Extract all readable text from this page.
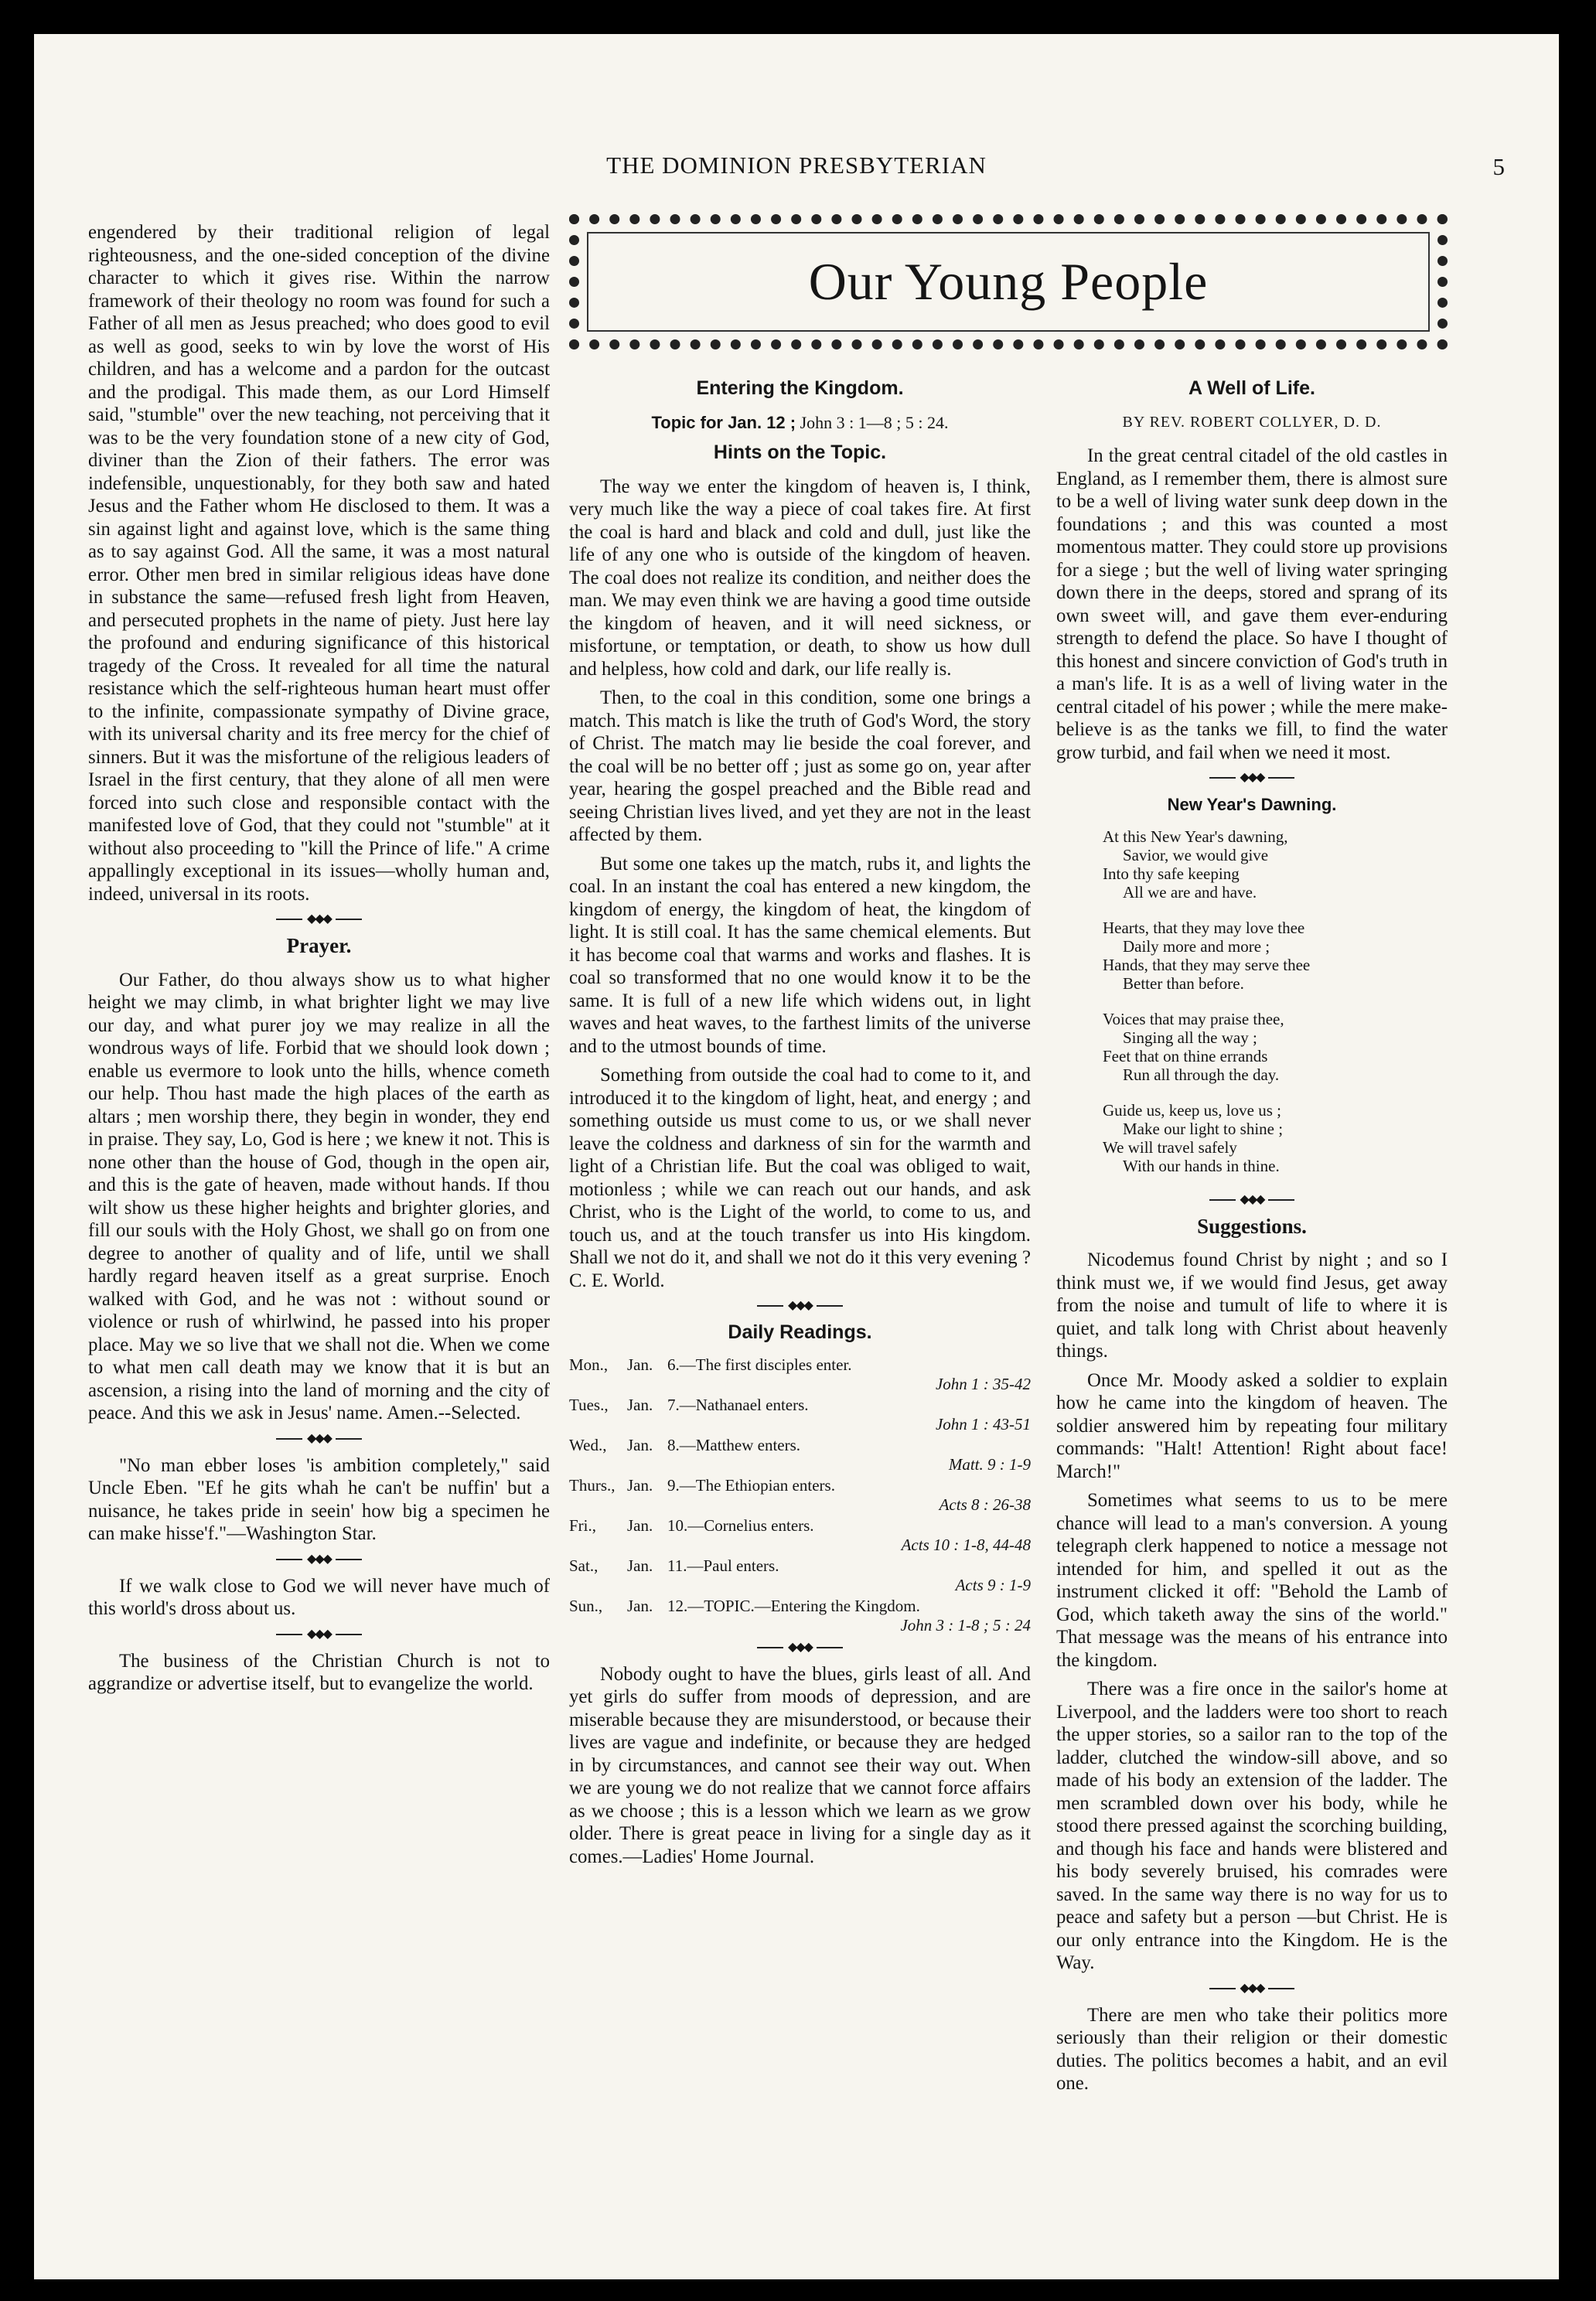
THE DOMINION PRESBYTERIAN	5
Our Young People

engendered by their traditional religion of legal righteousness, and the one-sided conception of the divine character to which it gives rise. Within the narrow framework of their theology no room was found for such a Father of all men as Jesus preached; who does good to evil as well as good, seeks to win by love the worst of His children, and has a welcome and a pardon for the outcast and the prodigal. This made them, as our Lord Himself said, "stumble" over the new teaching, not perceiving that it was to be the very foundation stone of a new city of God, diviner than the Zion of their fathers. The error was indefensible, unquestionably, for they both saw and hated Jesus and the Father whom He disclosed to them. It was a sin against light and against love, which is the same thing as to say against God. All the same, it was a most natural error. Other men bred in similar religious ideas have done in substance the same—refused fresh light from Heaven, and persecuted prophets in the name of piety. Just here lay the profound and enduring significance of this historical tragedy of the Cross. It revealed for all time the natural resistance which the self-righteous human heart must offer to the infinite, compassionate sympathy of Divine grace, with its universal charity and its free mercy for the chief of sinners. But it was the misfortune of the religious leaders of Israel in the first century, that they alone of all men were forced into such close and responsible contact with the manifested love of God, that they could not "stumble" at it without also proceeding to "kill the Prince of life." A crime appallingly exceptional in its issues—wholly human and, indeed, universal in its roots.

◆◆◆
Prayer.

Our Father, do thou always show us to what higher height we may climb, in what brighter light we may live our day, and what purer joy we may realize in all the wondrous ways of life. Forbid that we should look down ; enable us evermore to look unto the hills, whence cometh our help. Thou hast made the high places of the earth as altars ; men worship there, they begin in wonder, they end in praise. They say, Lo, God is here ; we knew it not. This is none other than the house of God, though in the open air, and this is the gate of heaven, made without hands. If thou wilt show us these higher heights and brighter glories, and fill our souls with the Holy Ghost, we shall go on from one degree to another of quality and of life, until we shall hardly regard heaven itself as a great surprise. Enoch walked with God, and he was not : without sound or violence or rush of whirlwind, he passed into his proper place. May we so live that we shall not die. When we come to what men call death may we know that it is but an ascension, a rising into the land of morning and the city of peace. And this we ask in Jesus' name. Amen.--Selected.

◆◆◆

"No man ebber loses 'is ambition completely," said Uncle Eben. "Ef he gits whah he can't be nuffin' but a nuisance, he takes pride in seein' how big a specimen he can make hisse'f."—Washington Star.

◆◆◆

If we walk close to God we will never have much of this world's dross about us.

◆◆◆

The business of the Christian Church is not to aggrandize or advertise itself, but to evangelize the world.

Entering the Kingdom.
Topic for Jan. 12 ; John 3 : 1—8 ; 5 : 24.
Hints on the Topic.

The way we enter the kingdom of heaven is, I think, very much like the way a piece of coal takes fire. At first the coal is hard and black and cold and dull, just like the life of any one who is outside of the kingdom of heaven. The coal does not realize its condition, and neither does the man. We may even think we are having a good time outside the kingdom of heaven, and it will need sickness, or misfortune, or temptation, or death, to show us how dull and helpless, how cold and dark, our life really is.

Then, to the coal in this condition, some one brings a match. This match is like the truth of God's Word, the story of Christ. The match may lie beside the coal forever, and the coal will be no better off ; just as some go on, year after year, hearing the gospel preached and the Bible read and seeing Christian lives lived, and yet they are not in the least affected by them.

But some one takes up the match, rubs it, and lights the coal. In an instant the coal has entered a new kingdom, the kingdom of energy, the kingdom of heat, the kingdom of light. It is still coal. It has the same chemical elements. But it has become coal that warms and works and flashes. It is coal so transformed that no one would know it to be the same. It is full of a new life which widens out, in light waves and heat waves, to the farthest limits of the universe and to the utmost bounds of time.

Something from outside the coal had to come to it, and introduced it to the kingdom of light, heat, and energy ; and something outside us must come to us, or we shall never leave the coldness and darkness of sin for the warmth and light of a Christian life. But the coal was obliged to wait, motionless ; while we can reach out our hands, and ask Christ, who is the Light of the world, to come to us, and touch us, and at the touch transfer us into His kingdom. Shall we not do it, and shall we not do it this very evening ? C. E. World.

◆◆◆
Daily Readings.
Mon.,	Jan. 6.—The first disciples enter.
John 1 : 35-42
Tues.,	Jan. 7.—Nathanael enters.
John 1 : 43-51
Wed.,	Jan. 8.—Matthew enters.
Matt. 9 : 1-9
Thurs., Jan. 9.—The Ethiopian enters.
Acts 8 : 26-38
Fri.,	Jan. 10.—Cornelius enters.
Acts 10 : 1-8, 44-48
Sat.,	Jan. 11.—Paul enters.
Acts 9 : 1-9
Sun.,	Jan. 12.—TOPIC.—Entering the Kingdom.
John 3 : 1-8 ; 5 : 24
◆◆◆

Nobody ought to have the blues, girls least of all. And yet girls do suffer from moods of depression, and are miserable because they are misunderstood, or because their lives are vague and indefinite, or because they are hedged in by circumstances, and cannot see their way out. When we are young we do not realize that we cannot force affairs as we choose ; this is a lesson which we learn as we grow older. There is great peace in living for a single day as it comes.—Ladies' Home Journal.

A Well of Life.
BY REV. ROBERT COLLYER, D. D.

In the great central citadel of the old castles in England, as I remember them, there is almost sure to be a well of living water sunk deep down in the foundations ; and this was counted a most momentous matter. They could store up provisions for a siege ; but the well of living water springing down there in the deeps, stored and sprang of its own sweet will, and gave them ever-enduring strength to defend the place. So have I thought of this honest and sincere conviction of God's truth in a man's life. It is as a well of living water in the central citadel of his power ; while the mere make-believe is as the tanks we fill, to find the water grow turbid, and fail when we need it most.

◆◆◆
New Year's Dawning.
At this New Year's dawning,
Savior, we would give
Into thy safe keeping
All we are and have.
Hearts, that they may love thee
Daily more and more ;
Hands, that they may serve thee
Better than before.
Voices that may praise thee,
Singing all the way ;
Feet that on thine errands
Run all through the day.
Guide us, keep us, love us ;
Make our light to shine ;
We will travel safely
With our hands in thine.
◆◆◆
Suggestions.

Nicodemus found Christ by night ; and so I think must we, if we would find Jesus, get away from the noise and tumult of life to where it is quiet, and talk long with Christ about heavenly things.

Once Mr. Moody asked a soldier to explain how he came into the kingdom of heaven. The soldier answered him by repeating four military commands: "Halt! Attention! Right about face! March!"

Sometimes what seems to us to be mere chance will lead to a man's conversion. A young telegraph clerk happened to notice a message not intended for him, and spelled it out as the instrument clicked it off: "Behold the Lamb of God, which taketh away the sins of the world." That message was the means of his entrance into the kingdom.

There was a fire once in the sailor's home at Liverpool, and the ladders were too short to reach the upper stories, so a sailor ran to the top of the ladder, clutched the window-sill above, and so made of his body an extension of the ladder. The men scrambled down over his body, while he stood there pressed against the scorching building, and though his face and hands were blistered and his body severely bruised, his comrades were saved. In the same way there is no way for us to peace and safety but a person —but Christ. He is our only entrance into the Kingdom. He is the Way.

◆◆◆

There are men who take their politics more seriously than their religion or their domestic duties. The politics becomes a habit, and an evil one.
